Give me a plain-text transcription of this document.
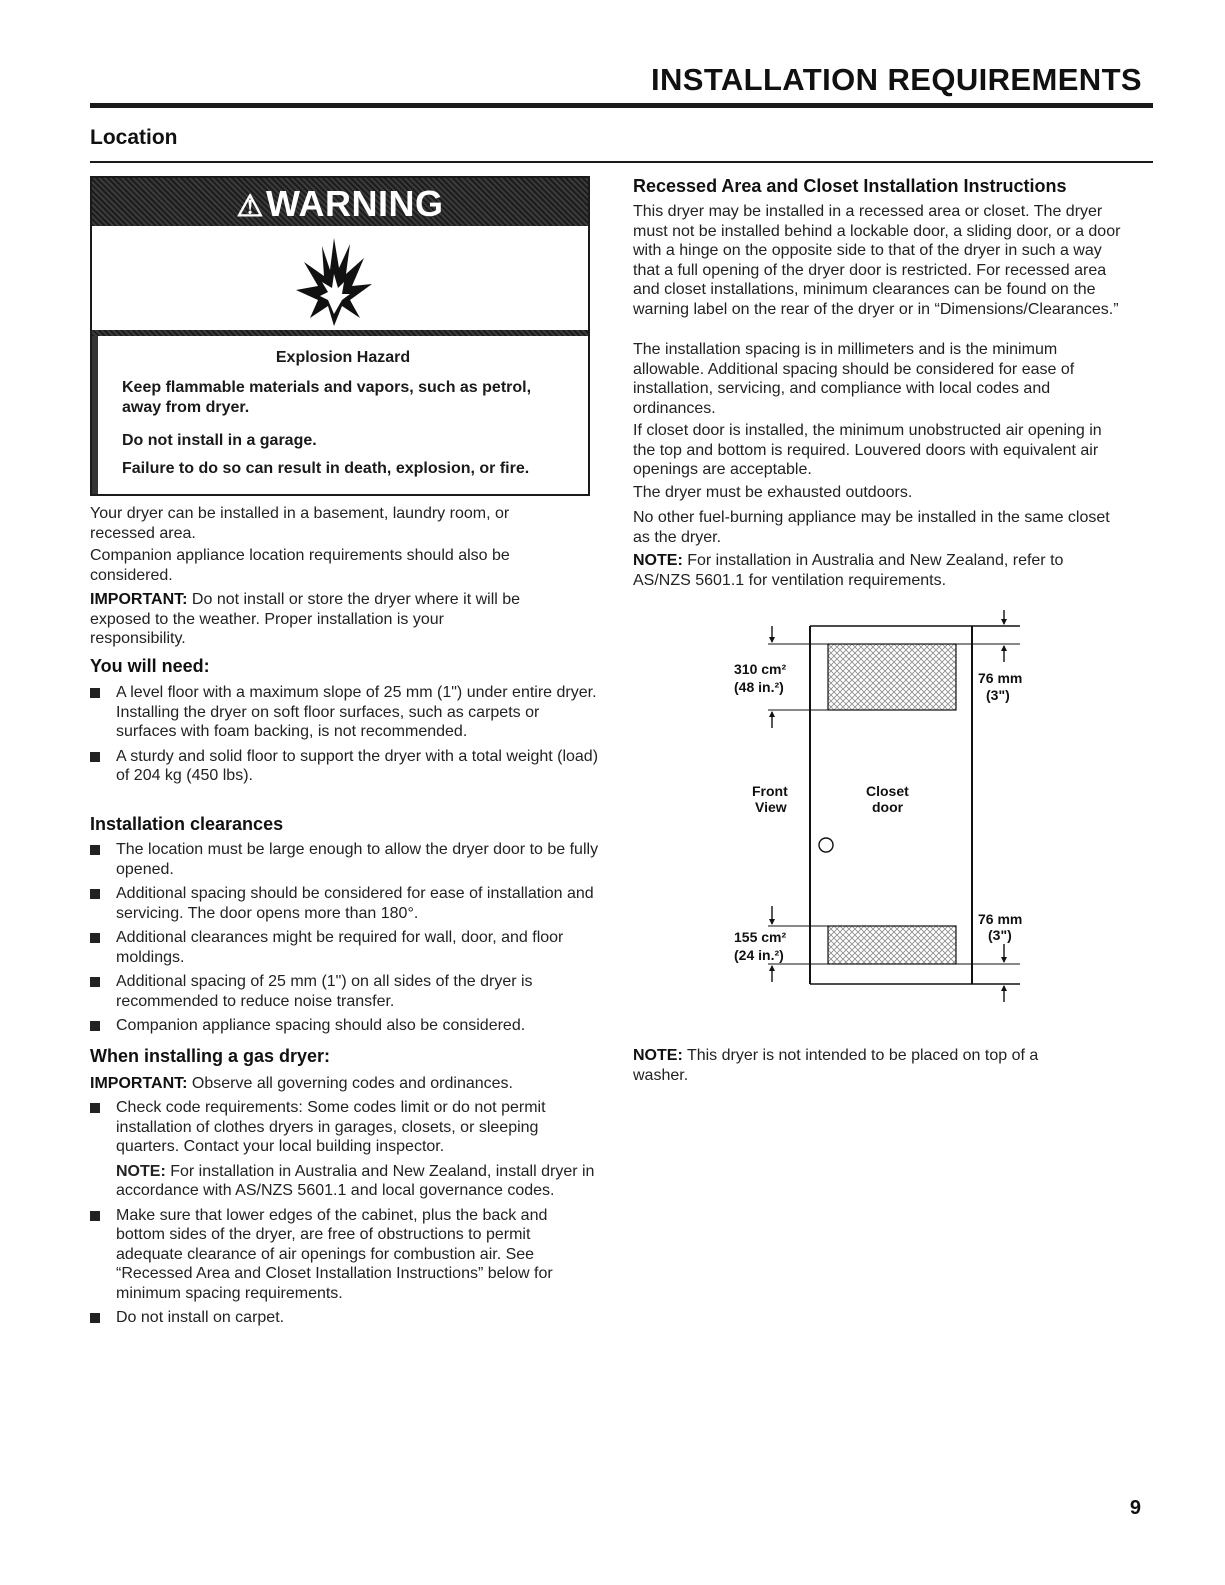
INSTALLATION REQUIREMENTS
Location
⚠WARNING
Explosion Hazard

Keep flammable materials and vapors, such as petrol, away from dryer.

Do not install in a garage.

Failure to do so can result in death, explosion, or fire.

Your dryer can be installed in a basement, laundry room, or recessed area.

Companion appliance location requirements should also be considered.

IMPORTANT: Do not install or store the dryer where it will be exposed to the weather. Proper installation is your responsibility.

You will need:
A level floor with a maximum slope of 25 mm (1") under entire dryer. Installing the dryer on soft floor surfaces, such as carpets or surfaces with foam backing, is not recommended.
A sturdy and solid floor to support the dryer with a total weight (load) of 204 kg (450 lbs).
Installation clearances
The location must be large enough to allow the dryer door to be fully opened.
Additional spacing should be considered for ease of installation and servicing. The door opens more than 180°.
Additional clearances might be required for wall, door, and floor moldings.
Additional spacing of 25 mm (1") on all sides of the dryer is recommended to reduce noise transfer.
Companion appliance spacing should also be considered.
When installing a gas dryer:

IMPORTANT: Observe all governing codes and ordinances.

Check code requirements: Some codes limit or do not permit installation of clothes dryers in garages, closets, or sleeping quarters. Contact your local building inspector.
NOTE: For installation in Australia and New Zealand, install dryer in accordance with AS/NZS 5601.1 and local governance codes.
Make sure that lower edges of the cabinet, plus the back and bottom sides of the dryer, are free of obstructions to permit adequate clearance of air openings for combustion air. See “Recessed Area and Closet Installation Instructions” below for minimum spacing requirements.
Do not install on carpet.
Recessed Area and Closet Installation Instructions

This dryer may be installed in a recessed area or closet. The dryer must not be installed behind a lockable door, a sliding door, or a door with a hinge on the opposite side to that of the dryer in such a way that a full opening of the dryer door is restricted. For recessed area and closet installations, minimum clearances can be found on the warning label on the rear of the dryer or in “Dimensions/Clearances.”

The installation spacing is in millimeters and is the minimum allowable. Additional spacing should be considered for ease of installation, servicing, and compliance with local codes and ordinances.

If closet door is installed, the minimum unobstructed air opening in the top and bottom is required. Louvered doors with equivalent air openings are acceptable.

The dryer must be exhausted outdoors.

No other fuel-burning appliance may be installed in the same closet as the dryer.

NOTE: For installation in Australia and New Zealand, refer to AS/NZS 5601.1 for ventilation requirements.

310 cm²
(48 in.²)
76 mm
(3")
Front
View
Closet
door
155 cm²
(24 in.²)
76 mm
(3")

NOTE: This dryer is not intended to be placed on top of a washer.

9
